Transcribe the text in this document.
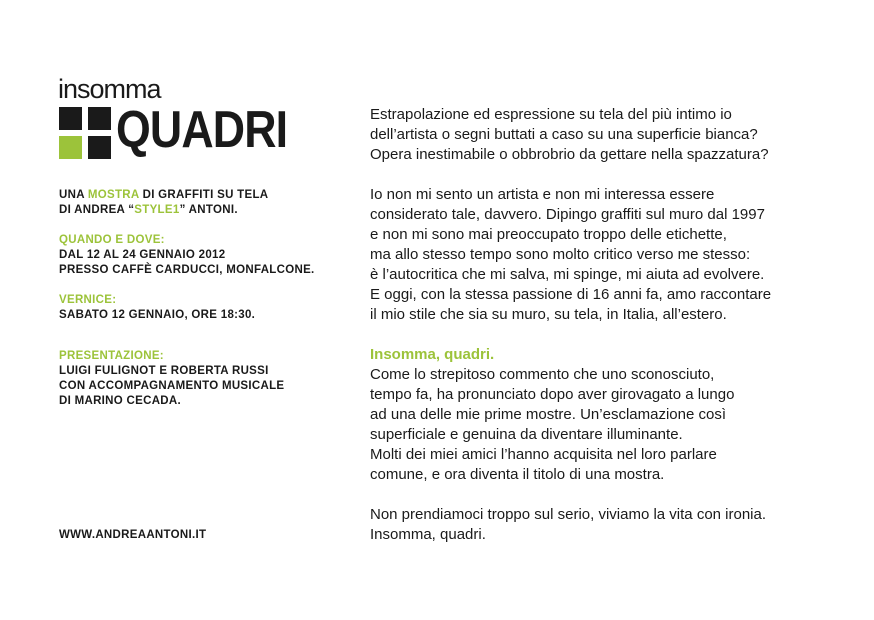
insomma
QUADRI
UNA MOSTRA DI GRAFFITI SU TELA
DI ANDREA “STYLE1” ANTONI.
QUANDO E DOVE:
DAL 12 AL 24 GENNAIO 2012
PRESSO CAFFÈ CARDUCCI, MONFALCONE.
VERNICE:
SABATO 12 GENNAIO, ORE 18:30.
PRESENTAZIONE:
LUIGI FULIGNOT E ROBERTA RUSSI
CON ACCOMPAGNAMENTO MUSICALE
DI MARINO CECADA.
WWW.ANDREAANTONI.IT
Estrapolazione ed espressione su tela del più intimo io
dell’artista o segni buttati a caso su una superficie bianca?
Opera inestimabile o obbrobrio da gettare nella spazzatura?
Io non mi sento un artista e non mi interessa essere
considerato tale, davvero. Dipingo graffiti sul muro dal 1997
e non mi sono mai preoccupato troppo delle etichette,
ma allo stesso tempo sono molto critico verso me stesso:
è l’autocritica che mi salva, mi spinge, mi aiuta ad evolvere.
E oggi, con la stessa passione di 16 anni fa, amo raccontare
il mio stile che sia su muro, su tela, in Italia, all’estero.
Insomma, quadri.
Come lo strepitoso commento che uno sconosciuto,
tempo fa, ha pronunciato dopo aver girovagato a lungo
ad una delle mie prime mostre. Un’esclamazione così
superficiale e genuina da diventare illuminante.
Molti dei miei amici l’hanno acquisita nel loro parlare
comune, e ora diventa il titolo di una mostra.
Non prendiamoci troppo sul serio, viviamo la vita con ironia.
Insomma, quadri.
